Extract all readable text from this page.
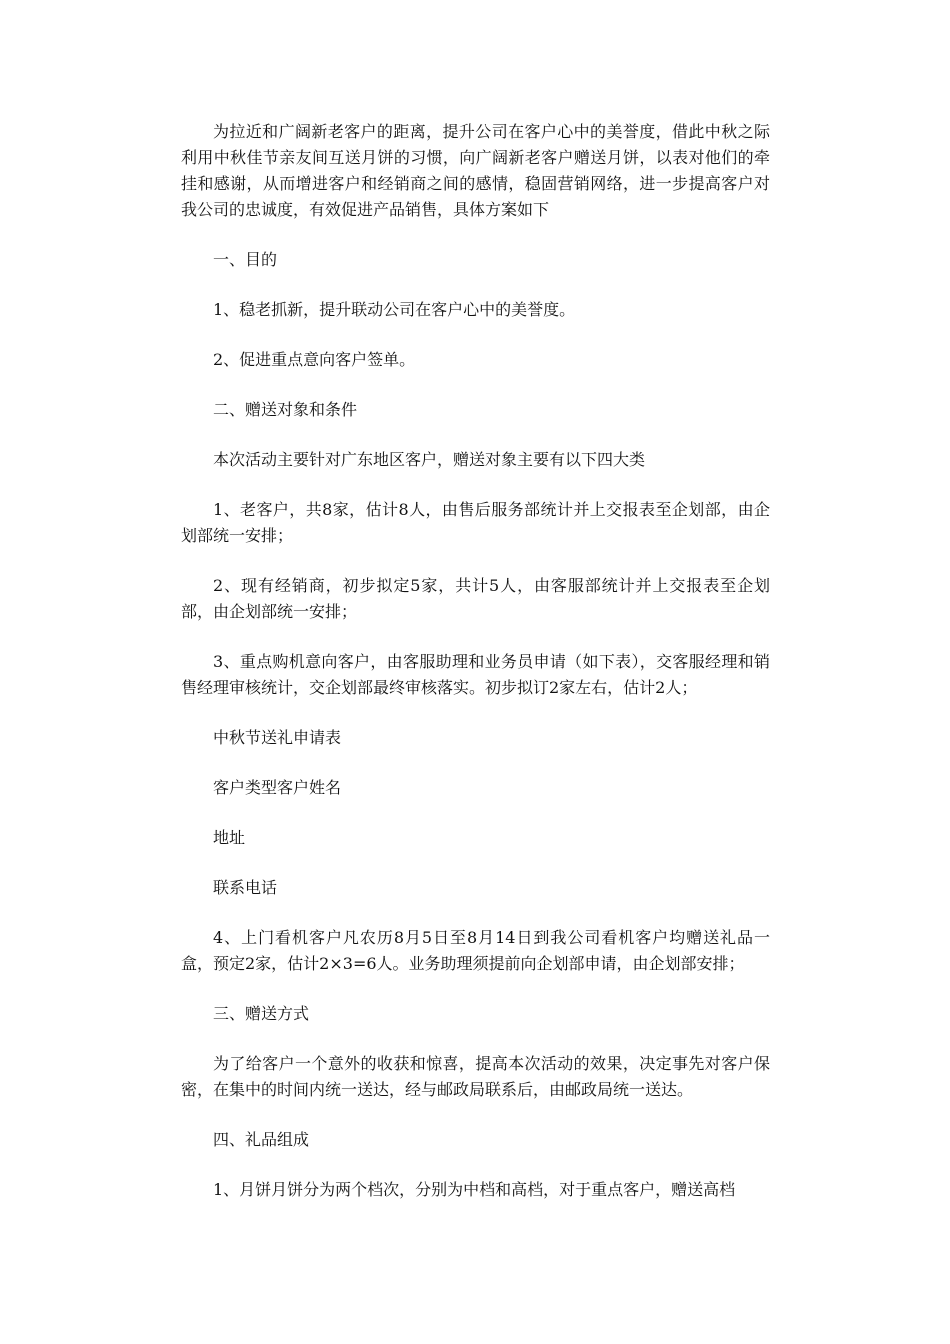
为拉近和广阔新老客户的距离，提升公司在客户心中的美誉度，借此中秋之际利用中秋佳节亲友间互送月饼的习惯，向广阔新老客户赠送月饼，以表对他们的牵挂和感谢，从而增进客户和经销商之间的感情，稳固营销网络，进一步提高客户对我公司的忠诚度，有效促进产品销售，具体方案如下

一、目的

1、稳老抓新，提升联动公司在客户心中的美誉度。

2、促进重点意向客户签单。

二、赠送对象和条件

本次活动主要针对广东地区客户，赠送对象主要有以下四大类

1、老客户，共8家，估计8人，由售后服务部统计并上交报表至企划部，由企划部统一安排；

2、现有经销商，初步拟定5家，共计5人，由客服部统计并上交报表至企划部，由企划部统一安排；

3、重点购机意向客户，由客服助理和业务员申请（如下表），交客服经理和销售经理审核统计，交企划部最终审核落实。初步拟订2家左右，估计2人；

中秋节送礼申请表

客户类型客户姓名

地址

联系电话

4、上门看机客户凡农历8月5日至8月14日到我公司看机客户均赠送礼品一盒，预定2家，估计2×3=6人。业务助理须提前向企划部申请，由企划部安排；

三、赠送方式

为了给客户一个意外的收获和惊喜，提高本次活动的效果，决定事先对客户保密，在集中的时间内统一送达，经与邮政局联系后，由邮政局统一送达。

四、礼品组成

1、月饼月饼分为两个档次，分别为中档和高档，对于重点客户，赠送高档
